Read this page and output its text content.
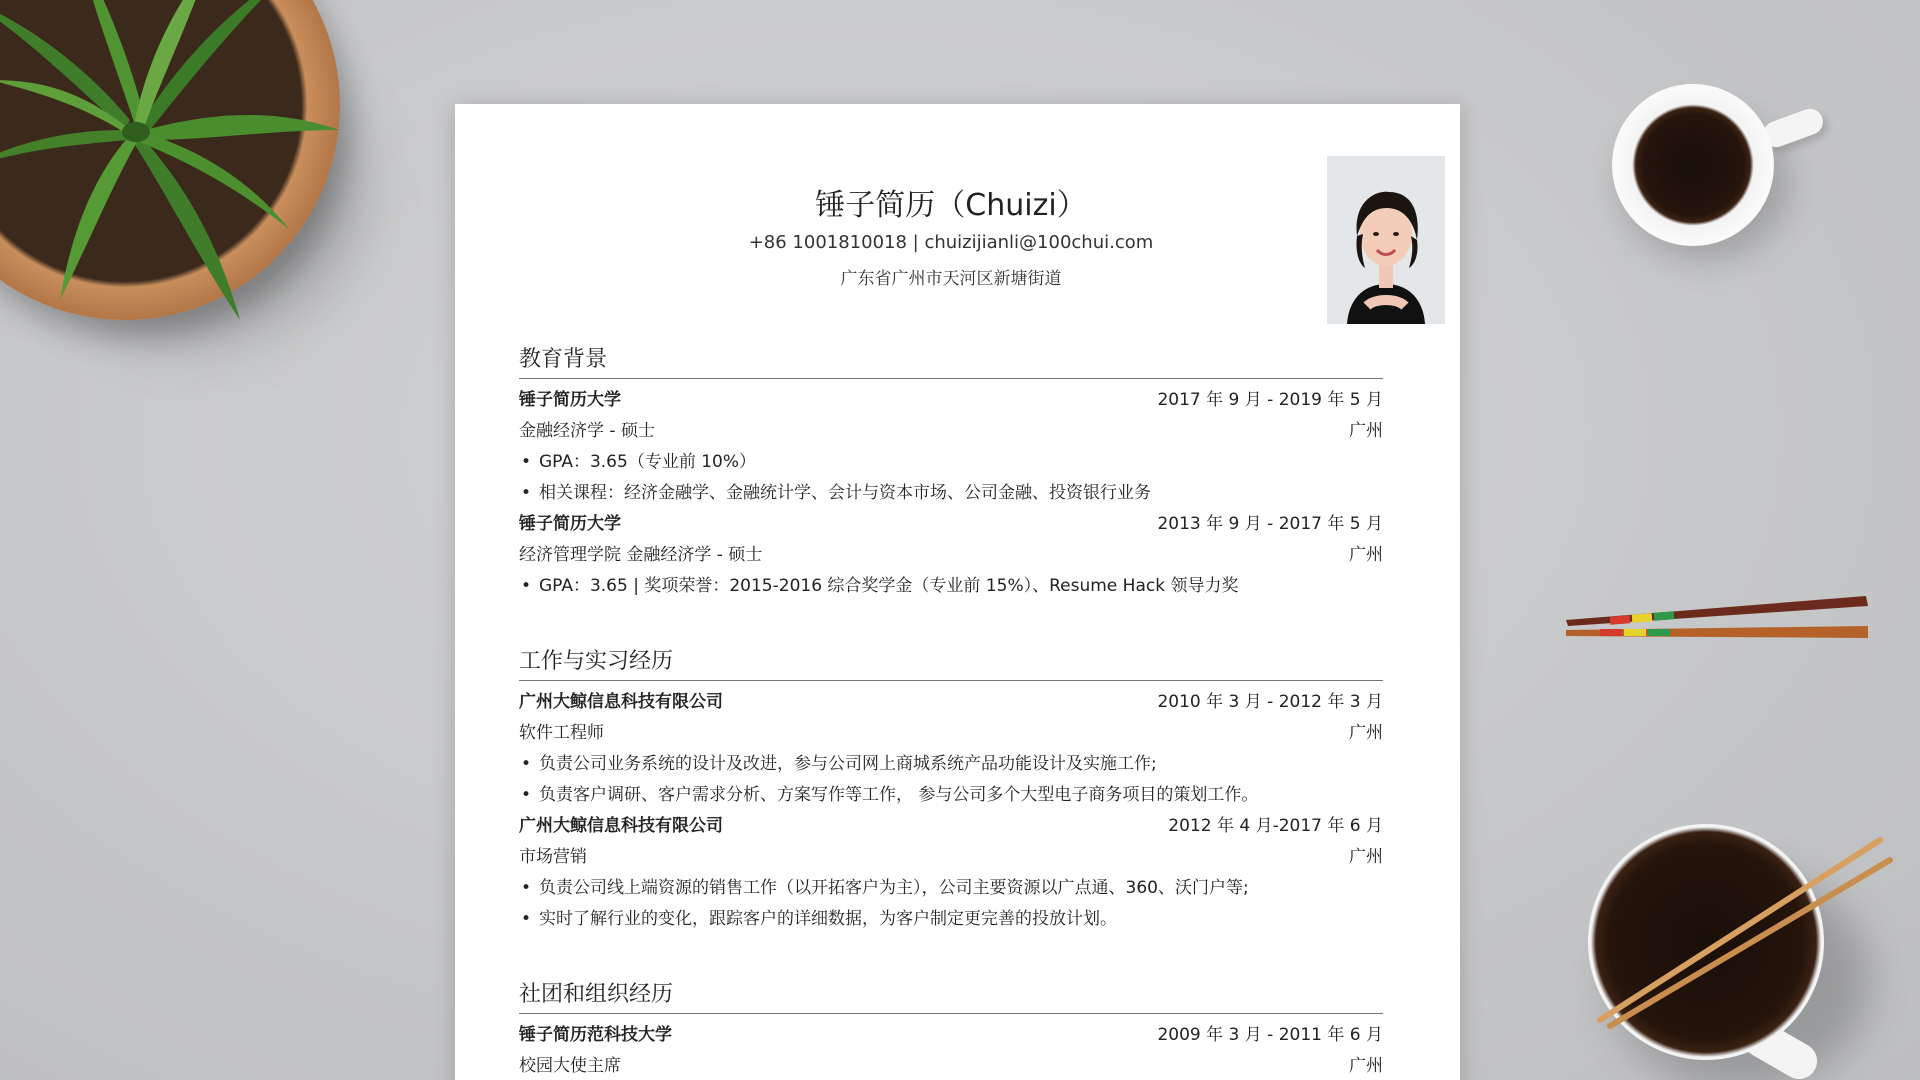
锤子简历（Chuizi）
+86 1001810018 | chuizijianli@100chui.com
广东省广州市天河区新塘街道
教育背景
锤子简历大学	2017 年 9 月 - 2019 年 5 月
金融经济学 - 硕士	广州
• GPA：3.65（专业前 10%）
• 相关课程：经济金融学、金融统计学、会计与资本市场、公司金融、投资银行业务
锤子简历大学	2013 年 9 月 - 2017 年 5 月
经济管理学院 金融经济学 - 硕士	广州
• GPA：3.65 | 奖项荣誉：2015-2016 综合奖学金（专业前 15%）、Resume Hack 领导力奖
工作与实习经历
广州大鲸信息科技有限公司	2010 年 3 月 - 2012 年 3 月
软件工程师	广州
• 负责公司业务系统的设计及改进，参与公司网上商城系统产品功能设计及实施工作;
• 负责客户调研、客户需求分析、方案写作等工作， 参与公司多个大型电子商务项目的策划工作。
广州大鲸信息科技有限公司	2012 年 4 月-2017 年 6 月
市场营销	广州
• 负责公司线上端资源的销售工作（以开拓客户为主），公司主要资源以广点通、360、沃门户等;
• 实时了解行业的变化，跟踪客户的详细数据，为客户制定更完善的投放计划。
社团和组织经历
锤子简历范科技大学	2009 年 3 月 - 2011 年 6 月
校园大使主席	广州
